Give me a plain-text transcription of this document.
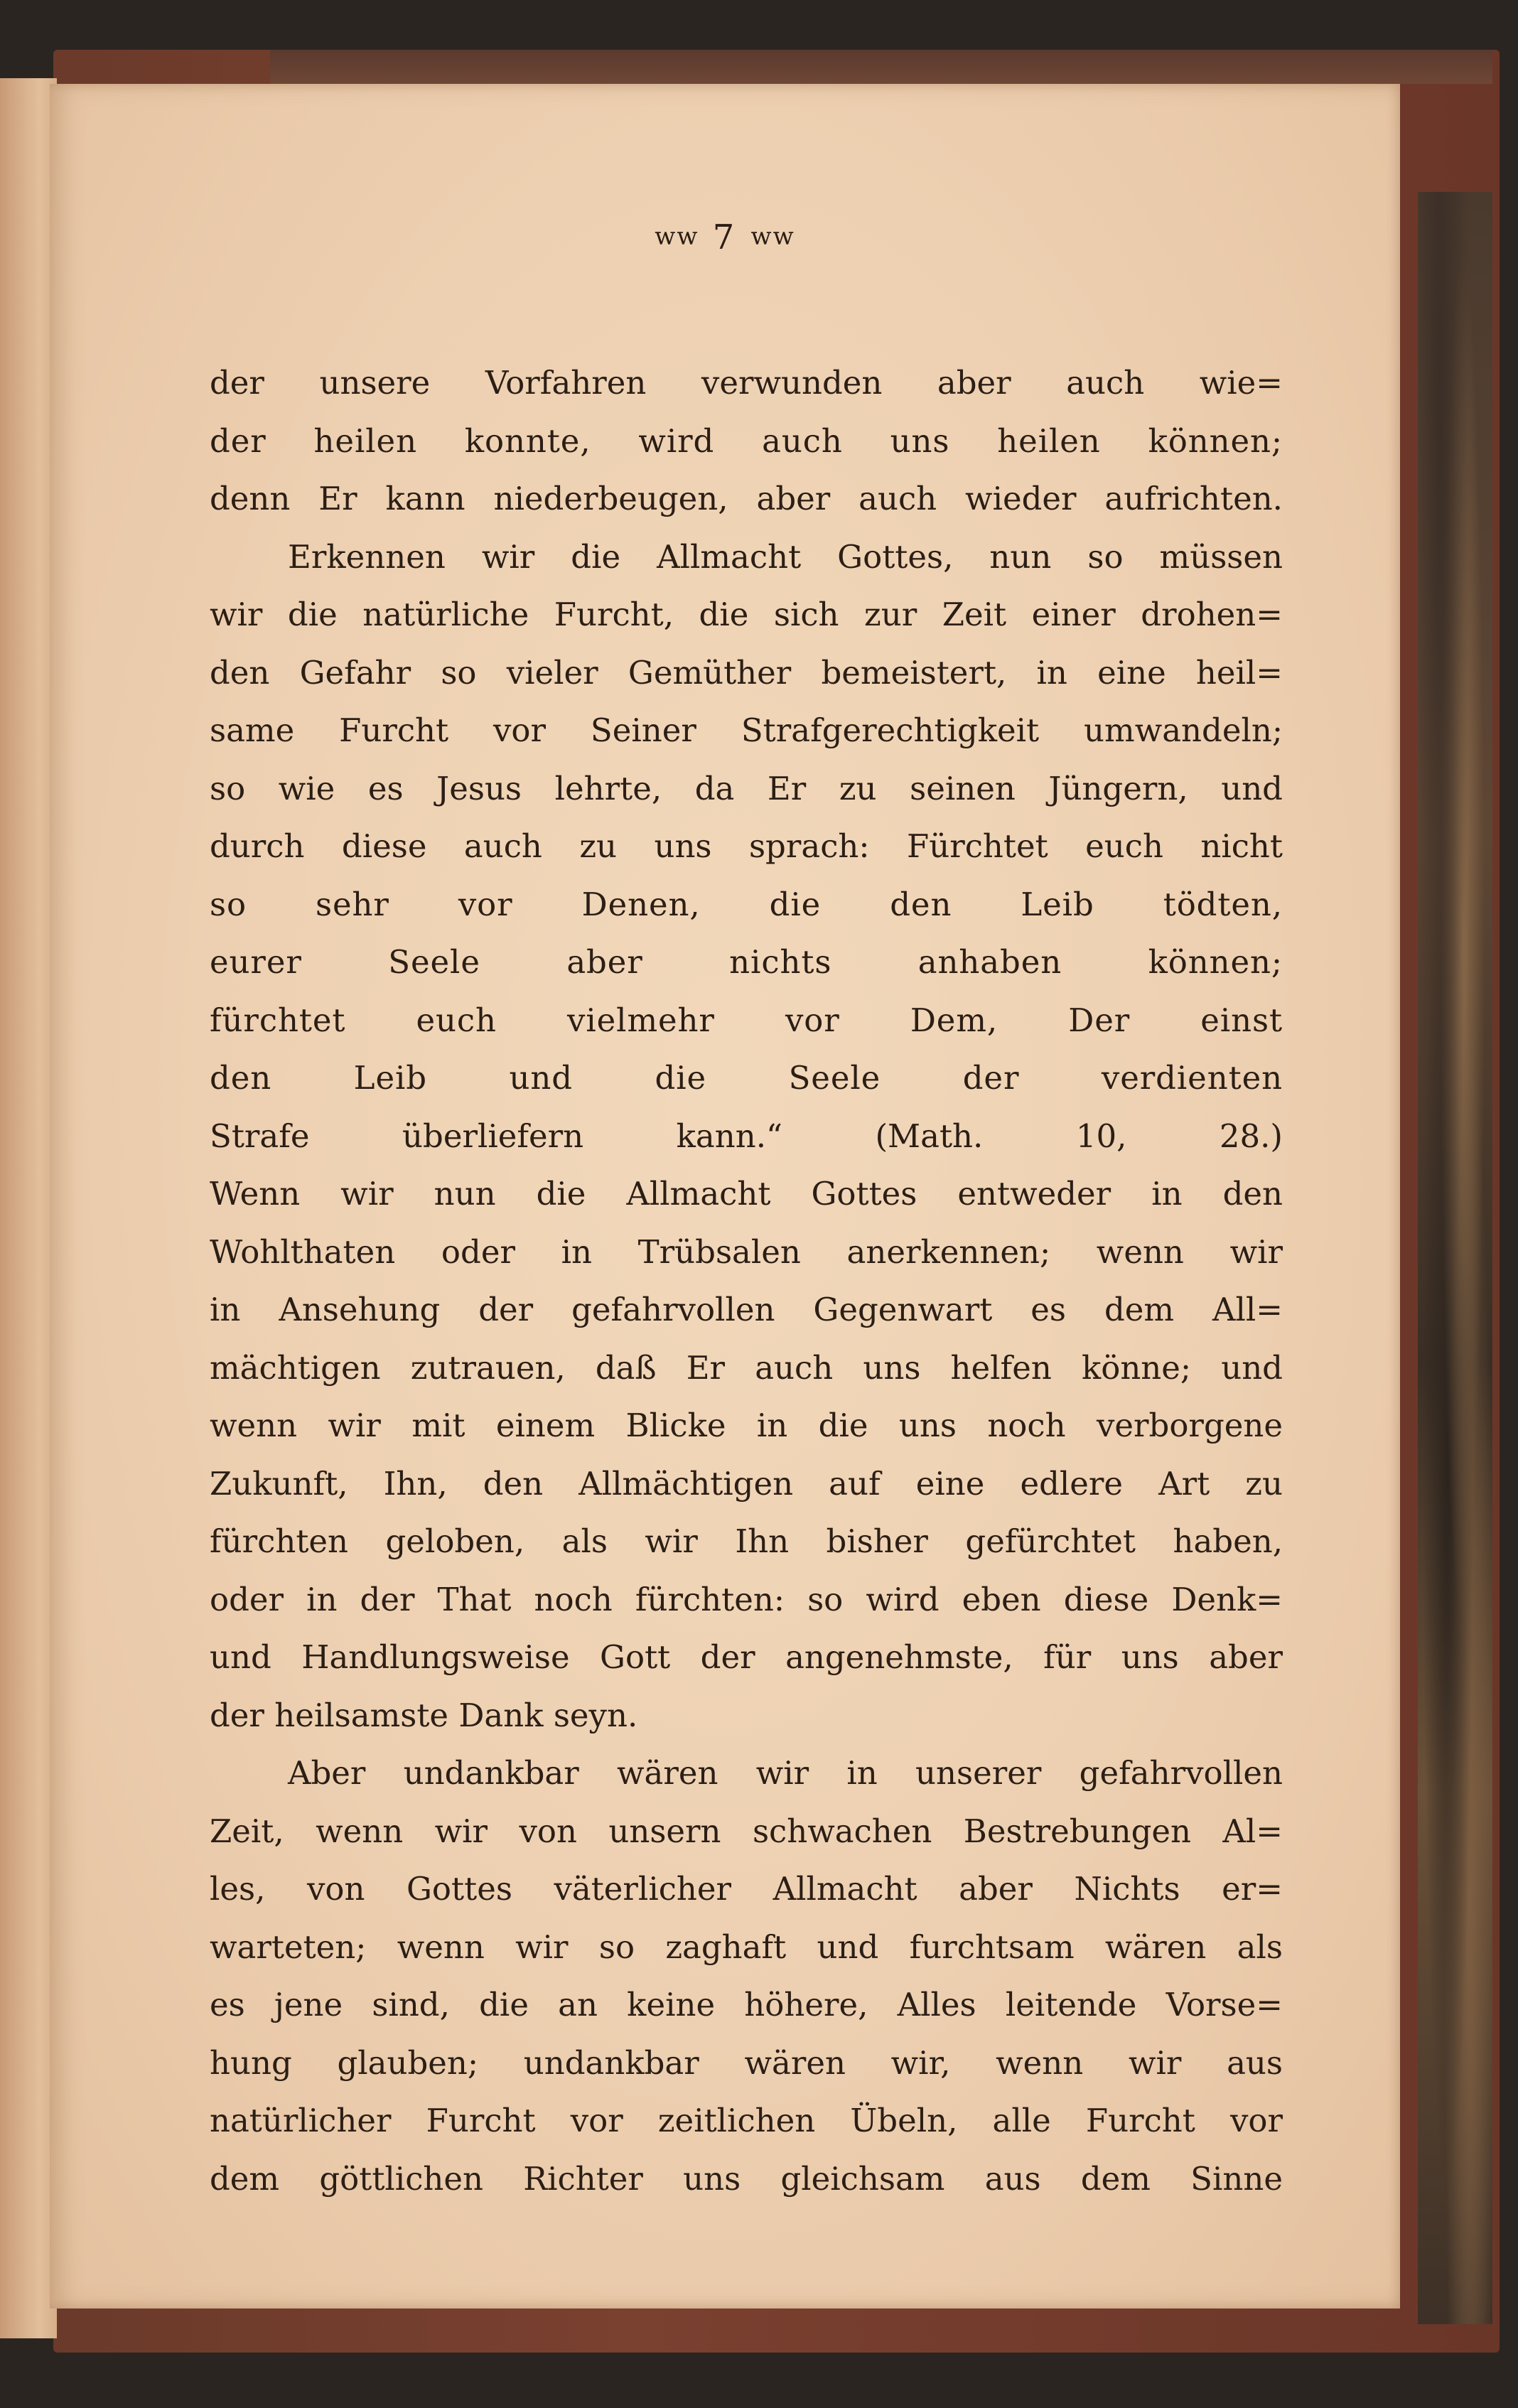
ww 7 ww
der unsere Vorfahren verwunden aber auch wie=
der heilen konnte, wird auch uns heilen können;
denn Er kann niederbeugen, aber auch wieder aufrichten.
Erkennen wir die Allmacht Gottes, nun so müssen
wir die natürliche Furcht, die sich zur Zeit einer drohen=
den Gefahr so vieler Gemüther bemeistert, in eine heil=
same Furcht vor Seiner Strafgerechtigkeit umwandeln;
so wie es Jesus lehrte, da Er zu seinen Jüngern, und
durch diese auch zu uns sprach: Fürchtet euch nicht
so sehr vor Denen, die den Leib tödten,
eurer Seele aber nichts anhaben können;
fürchtet euch vielmehr vor Dem, Der einst
den Leib und die Seele der verdienten
Strafe überliefern kann.“ (Math. 10, 28.)
Wenn wir nun die Allmacht Gottes entweder in den
Wohlthaten oder in Trübsalen anerkennen; wenn wir
in Ansehung der gefahrvollen Gegenwart es dem All=
mächtigen zutrauen, daß Er auch uns helfen könne; und
wenn wir mit einem Blicke in die uns noch verborgene
Zukunft, Ihn, den Allmächtigen auf eine edlere Art zu
fürchten geloben, als wir Ihn bisher gefürchtet haben,
oder in der That noch fürchten: so wird eben diese Denk=
und Handlungsweise Gott der angenehmste, für uns aber
der heilsamste Dank seyn.
Aber undankbar wären wir in unserer gefahrvollen
Zeit, wenn wir von unsern schwachen Bestrebungen Al=
les, von Gottes väterlicher Allmacht aber Nichts er=
warteten; wenn wir so zaghaft und furchtsam wären als
es jene sind, die an keine höhere, Alles leitende Vorse=
hung glauben; undankbar wären wir, wenn wir aus
natürlicher Furcht vor zeitlichen Übeln, alle Furcht vor
dem göttlichen Richter uns gleichsam aus dem Sinne
